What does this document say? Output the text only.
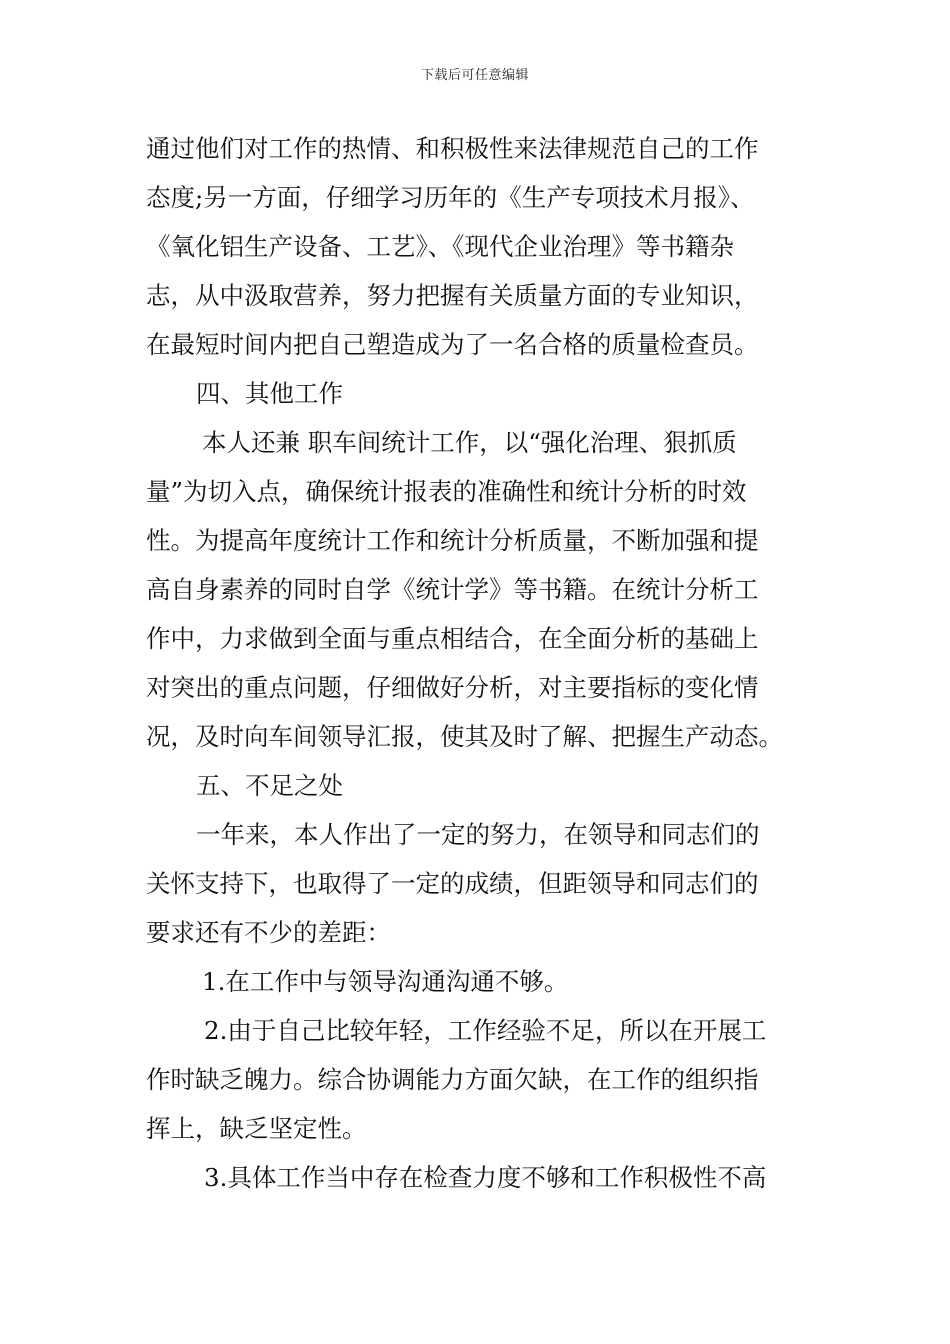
下载后可任意编辑
通过他们对工作的热情、和积极性来法律规范自己的工作
态度;另一方面，仔细学习历年的《生产专项技术月报》、
《氧化铝生产设备、工艺》、《现代企业治理》等书籍杂
志，从中汲取营养，努力把握有关质量方面的专业知识，
在最短时间内把自己塑造成为了一名合格的质量检查员。
四、其他工作
本人还兼 职车间统计工作，以“强化治理、狠抓质
量”为切入点，确保统计报表的准确性和统计分析的时效
性。为提高年度统计工作和统计分析质量，不断加强和提
高自身素养的同时自学《统计学》等书籍。在统计分析工
作中，力求做到全面与重点相结合，在全面分析的基础上
对突出的重点问题，仔细做好分析，对主要指标的变化情
况，及时向车间领导汇报，使其及时了解、把握生产动态。
五、不足之处
一年来，本人作出了一定的努力，在领导和同志们的
关怀支持下，也取得了一定的成绩，但距领导和同志们的
要求还有不少的差距：
1.在工作中与领导沟通沟通不够。
2.由于自己比较年轻，工作经验不足，所以在开展工
作时缺乏魄力。综合协调能力方面欠缺，在工作的组织指
挥上，缺乏坚定性。
3.具体工作当中存在检查力度不够和工作积极性不高
